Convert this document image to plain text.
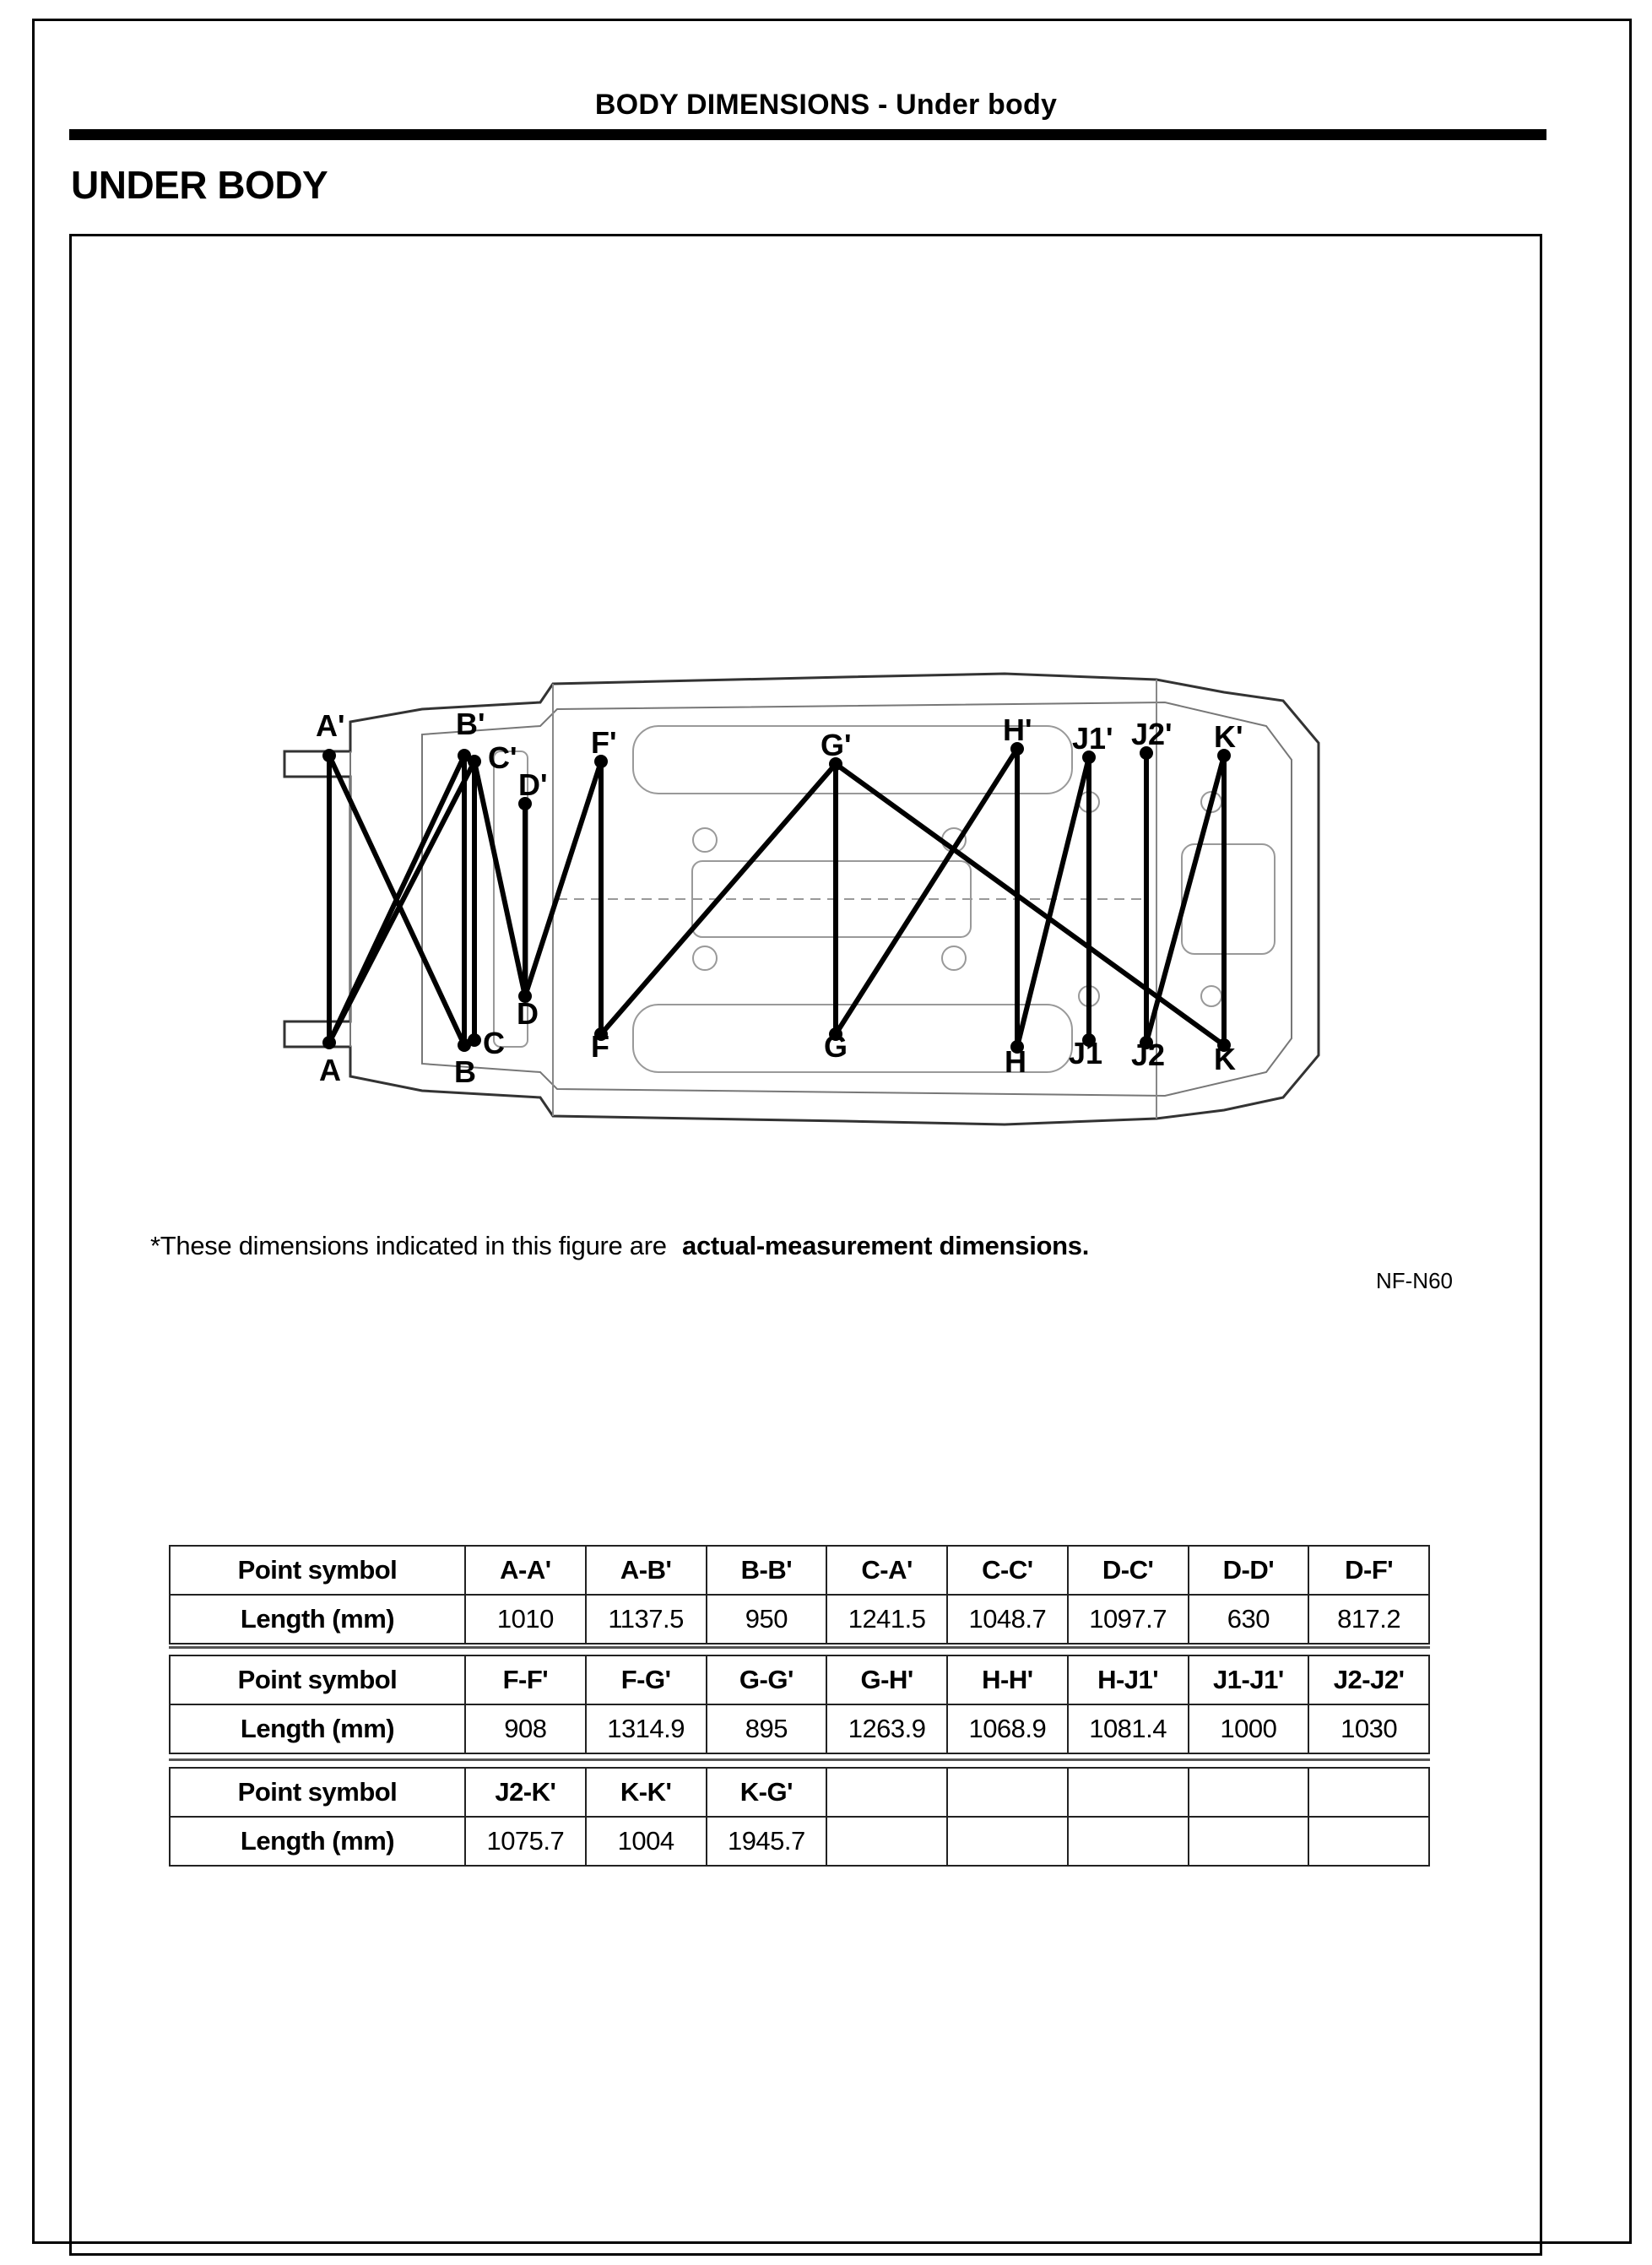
BODY DIMENSIONS - Under body
UNDER BODY
A'	B'
C'
D'
F'	G'	H' J1' J2' K'
A	B
C
D
F	G	H J1 J2 K
*These dimensions indicated in this figure are actual-measurement dimensions.
NF-N60
Point symbol	A-A'	A-B'	B-B'	C-A'	C-C'	D-C'	D-D'	D-F'
Length (mm)	1010	1137.5	950	1241.5	1048.7	1097.7	630	817.2
Point symbol	F-F'	F-G'	G-G'	G-H'	H-H'	H-J1'	J1-J1'	J2-J2'
Length (mm)	908	1314.9	895	1263.9	1068.9	1081.4	1000	1030
Point symbol	J2-K'	K-K'	K-G'					
Length (mm)	1075.7	1004	1945.7					
